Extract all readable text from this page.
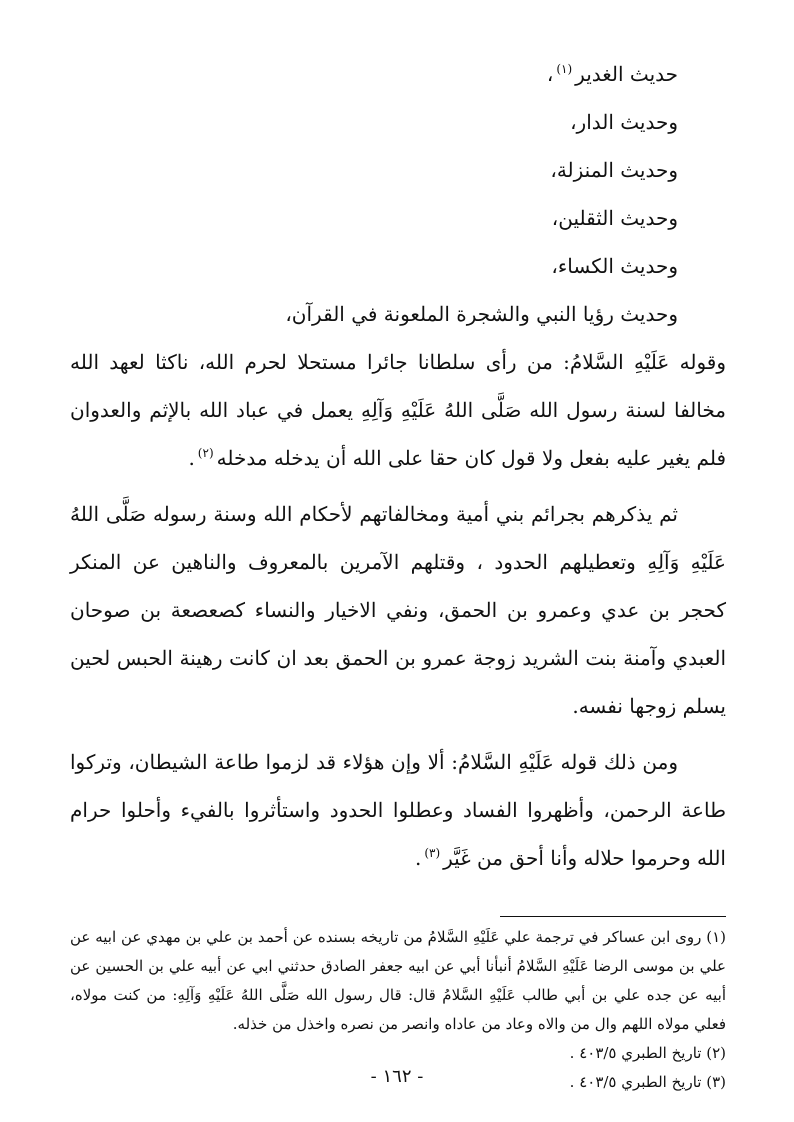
حديث الغدير$^{(١)}$،
وحديث الدار،
وحديث المنزلة،
وحديث الثقلين،
وحديث الكساء،
وحديث رؤيا النبي والشجرة الملعونة في القرآن،

وقوله عَلَيْهِ السَّلامُ: من رأى سلطانا جائرا مستحلا لحرم الله، ناكثا لعهد الله مخالفا لسنة رسول الله صَلَّى اللهُ عَلَيْهِ وَآلِهِ يعمل في عباد الله بالإثم والعدوان فلم يغير عليه بفعل ولا قول كان حقا على الله أن يدخله مدخله$^{(٢)}$.

ثم يذكرهم بجرائم بني أمية ومخالفاتهم لأحكام الله وسنة رسوله صَلَّى اللهُ عَلَيْهِ وَآلِهِ وتعطيلهم الحدود ، وقتلهم الآمرين بالمعروف والناهين عن المنكر كحجر بن عدي وعمرو بن الحمق، ونفي الاخيار والنساء كصعصعة بن صوحان العبدي وآمنة بنت الشريد زوجة عمرو بن الحمق بعد ان كانت رهينة الحبس لحين يسلم زوجها نفسه.

ومن ذلك قوله عَلَيْهِ السَّلامُ: ألا وإن هؤلاء قد لزموا طاعة الشيطان، وتركوا طاعة الرحمن، وأظهروا الفساد وعطلوا الحدود واستأثروا بالفيء وأحلوا حرام الله وحرموا حلاله وأنا أحق من غَيَّر$^{(٣)}$.

(١) روى ابن عساكر في ترجمة علي عَلَيْهِ السَّلامُ من تاريخه بسنده عن أحمد بن علي بن مهدي عن ابيه عن علي بن موسى الرضا عَلَيْهِ السَّلامُ أنبأنا أبي عن ابيه جعفر الصادق حدثني ابي عن أبيه علي بن الحسين عن أبيه عن جده علي بن أبي طالب عَلَيْهِ السَّلامُ قال: قال رسول الله صَلَّى اللهُ عَلَيْهِ وَآلِهِ: من كنت مولاه، فعلي مولاه اللهم وال من والاه وعاد من عاداه وانصر من نصره واخذل من خذله.

(٢) تاريخ الطبري ٤٠٣/٥ .

(٣) تاريخ الطبري ٤٠٣/٥ .

- ١٦٢ -
